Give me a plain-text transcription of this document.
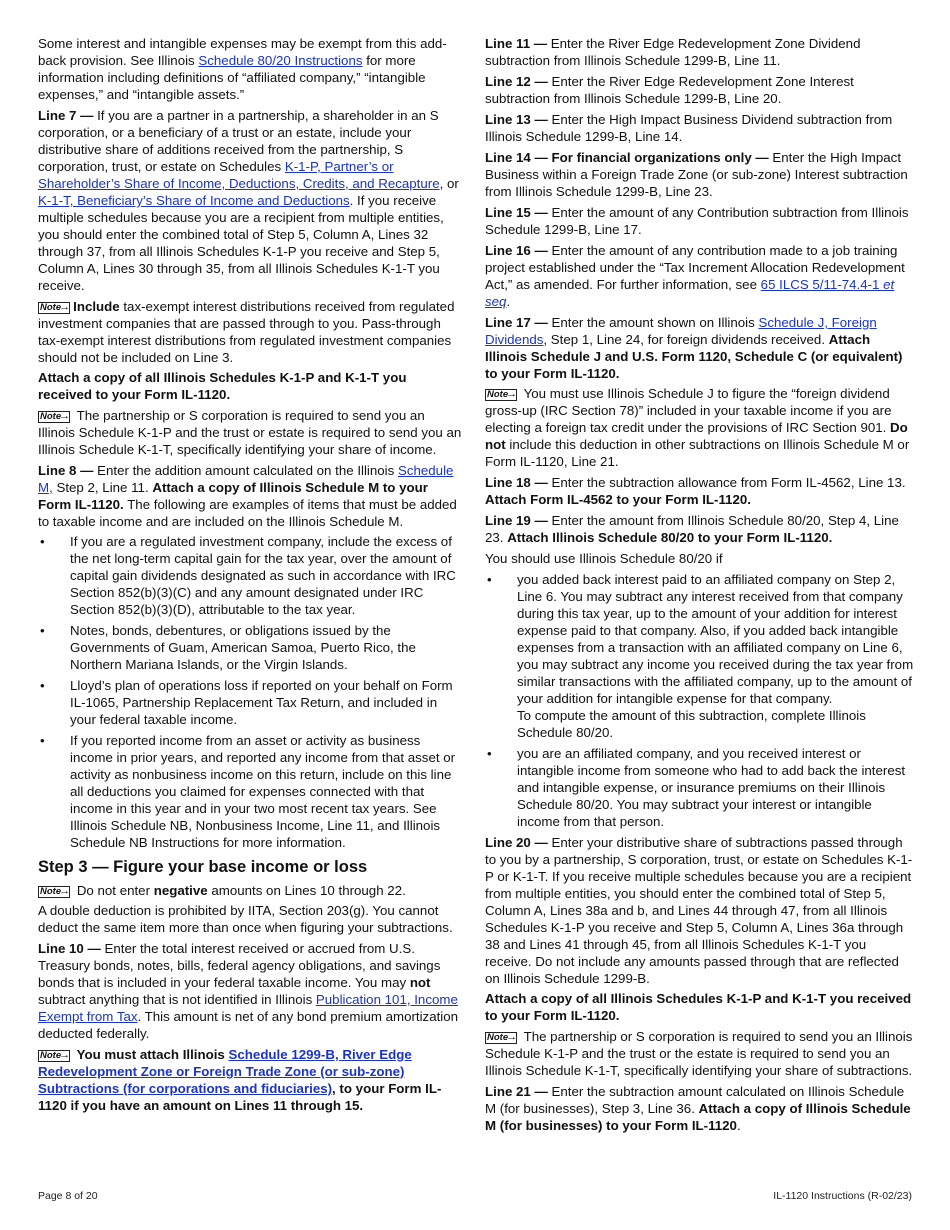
Some interest and intangible expenses may be exempt from this add-back provision. See Illinois Schedule 80/20 Instructions for more information including definitions of “affiliated company,” “intangible expenses,” and “intangible assets.”

Line 7 — If you are a partner in a partnership, a shareholder in an S corporation, or a beneficiary of a trust or an estate, include your distributive share of additions received from the partnership, S corporation, trust, or estate on Schedules K-1-P, Partner’s or Shareholder’s Share of Income, Deductions, Credits, and Recapture, or K-1-T, Beneficiary’s Share of Income and Deductions. If you receive multiple schedules because you are a recipient from multiple entities, you should enter the combined total of Step 5, Column A, Lines 32 through 37, from all Illinois Schedules K-1-P you receive and Step 5, Column A, Lines 30 through 35, from all Illinois Schedules K-1-T you receive.

Note → Include tax-exempt interest distributions received from regulated investment companies that are passed through to you. Pass-through tax-exempt interest distributions from regulated investment companies should not be included on Line 3.

Attach a copy of all Illinois Schedules K-1-P and K-1-T you received to your Form IL-1120.

Note → The partnership or S corporation is required to send you an Illinois Schedule K-1-P and the trust or estate is required to send you an Illinois Schedule K-1-T, specifically identifying your share of income.

Line 8 — Enter the addition amount calculated on the Illinois Schedule M, Step 2, Line 11. Attach a copy of Illinois Schedule M to your Form IL-1120. The following are examples of items that must be added to taxable income and are included on the Illinois Schedule M.

• If you are a regulated investment company, include the excess of the net long-term capital gain for the tax year, over the amount of capital gain dividends designated as such in accordance with IRC Section 852(b)(3)(C) and any amount designated under IRC Section 852(b)(3)(D), attributable to the tax year.
• Notes, bonds, debentures, or obligations issued by the Governments of Guam, American Samoa, Puerto Rico, the Northern Mariana Islands, or the Virgin Islands.
• Lloyd’s plan of operations loss if reported on your behalf on Form IL-1065, Partnership Replacement Tax Return, and included in your federal taxable income.
• If you reported income from an asset or activity as business income in prior years, and reported any income from that asset or activity as nonbusiness income on this return, include on this line all deductions you claimed for expenses connected with that income in this year and in your two most recent tax years. See Illinois Schedule NB, Nonbusiness Income, Line 11, and Illinois Schedule NB Instructions for more information.
Step 3 — Figure your base income or loss

Note → Do not enter negative amounts on Lines 10 through 22.

A double deduction is prohibited by IITA, Section 203(g). You cannot deduct the same item more than once when figuring your subtractions.

Line 10 — Enter the total interest received or accrued from U.S. Treasury bonds, notes, bills, federal agency obligations, and savings bonds that is included in your federal taxable income. You may not subtract anything that is not identified in Illinois Publication 101, Income Exempt from Tax. This amount is net of any bond premium amortization deducted federally.

Note → You must attach Illinois Schedule 1299-B, River Edge Redevelopment Zone or Foreign Trade Zone (or sub-zone) Subtractions (for corporations and fiduciaries), to your Form IL-1120 if you have an amount on Lines 11 through 15.

Line 11 — Enter the River Edge Redevelopment Zone Dividend subtraction from Illinois Schedule 1299-B, Line 11.

Line 12 — Enter the River Edge Redevelopment Zone Interest subtraction from Illinois Schedule 1299-B, Line 20.

Line 13 — Enter the High Impact Business Dividend subtraction from Illinois Schedule 1299-B, Line 14.

Line 14 — For financial organizations only — Enter the High Impact Business within a Foreign Trade Zone (or sub-zone) Interest subtraction from Illinois Schedule 1299-B, Line 23.

Line 15 — Enter the amount of any Contribution subtraction from Illinois Schedule 1299-B, Line 17.

Line 16 — Enter the amount of any contribution made to a job training project established under the “Tax Increment Allocation Redevelopment Act,” as amended. For further information, see 65 ILCS 5/11-74.4-1 et seq.

Line 17 — Enter the amount shown on Illinois Schedule J, Foreign Dividends, Step 1, Line 24, for foreign dividends received. Attach Illinois Schedule J and U.S. Form 1120, Schedule C (or equivalent) to your Form IL-1120.

Note → You must use Illinois Schedule J to figure the “foreign dividend gross-up (IRC Section 78)” included in your taxable income if you are electing a foreign tax credit under the provisions of IRC Section 901. Do not include this deduction in other subtractions on Illinois Schedule M or Form IL-1120, Line 21.

Line 18 — Enter the subtraction allowance from Form IL-4562, Line 13. Attach Form IL-4562 to your Form IL-1120.

Line 19 — Enter the amount from Illinois Schedule 80/20, Step 4, Line 23. Attach Illinois Schedule 80/20 to your Form IL-1120.

You should use Illinois Schedule 80/20 if

• you added back interest paid to an affiliated company on Step 2, Line 6. You may subtract any interest received from that company during this tax year, up to the amount of your addition for interest expense paid to that company. Also, if you added back intangible expenses from a transaction with an affiliated company on Line 6, you may subtract any income you received during the tax year from similar transactions with the affiliated company, up to the amount of your addition for intangible expense for that company.
To compute the amount of this subtraction, complete Illinois Schedule 80/20.
• you are an affiliated company, and you received interest or intangible income from someone who had to add back the interest and intangible expense, or insurance premiums on their Illinois Schedule 80/20. You may subtract your interest or intangible income from that person.

Line 20 — Enter your distributive share of subtractions passed through to you by a partnership, S corporation, trust, or estate on Schedules K-1-P or K-1-T. If you receive multiple schedules because you are a recipient from multiple entities, you should enter the combined total of Step 5, Column A, Lines 38a and b, and Lines 44 through 47, from all Illinois Schedules K-1-P you receive and Step 5, Column A, Lines 36a through 38 and Lines 41 through 45, from all Illinois Schedules K-1-T you receive. Do not include any amounts passed through that are reflected on Illinois Schedule 1299-B.

Attach a copy of all Illinois Schedules K-1-P and K-1-T you received to your Form IL-1120.

Note → The partnership or S corporation is required to send you an Illinois Schedule K-1-P and the trust or the estate is required to send you an Illinois Schedule K-1-T, specifically identifying your share of subtractions.

Line 21 — Enter the subtraction amount calculated on Illinois Schedule M (for businesses), Step 3, Line 36. Attach a copy of Illinois Schedule M (for businesses) to your Form IL-1120.

Page 8 of 20	IL-1120 Instructions (R-02/23)
